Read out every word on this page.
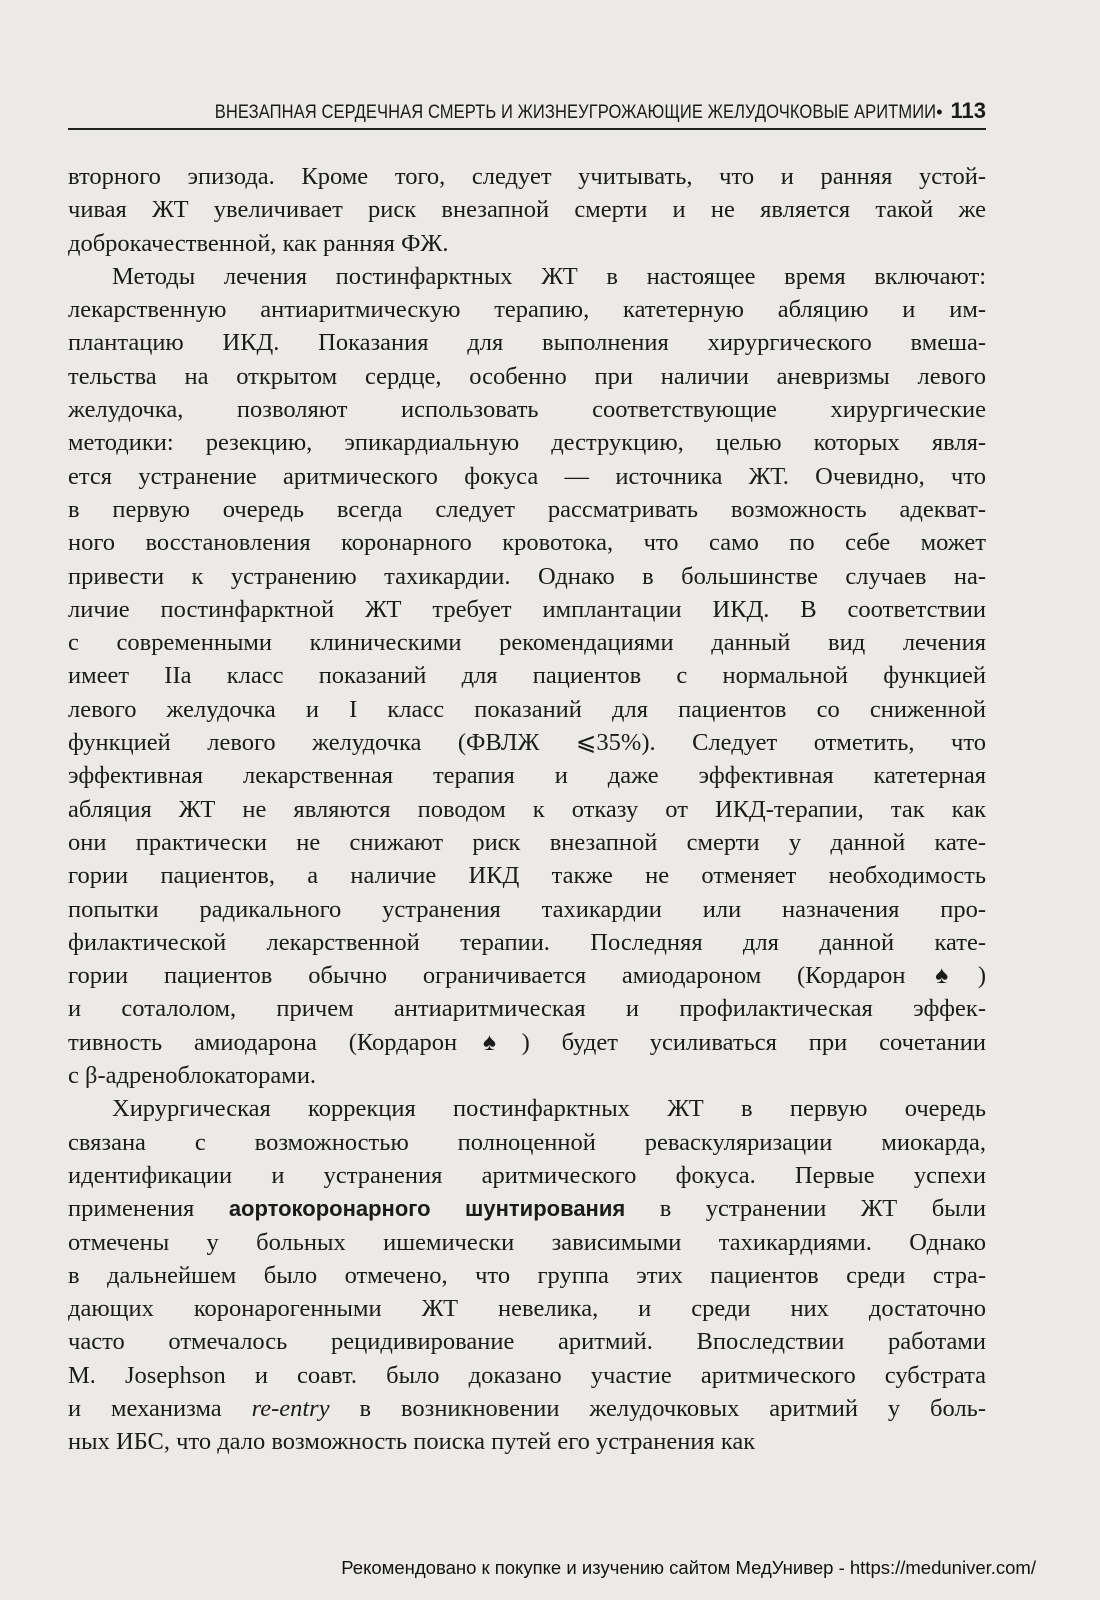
ВНЕЗАПНАЯ СЕРДЕЧНАЯ СМЕРТЬ И ЖИЗНЕУГРОЖАЮЩИЕ ЖЕЛУДОЧКОВЫЕ АРИТМИИ • 113
вторного эпизода. Кроме того, следует учитывать, что и ранняя устой-
чивая ЖТ увеличивает риск внезапной смерти и не является такой же
доброкачественной, как ранняя ФЖ.
Методы лечения постинфарктных ЖТ в настоящее время включают:
лекарственную антиаритмическую терапию, катетерную абляцию и им-
плантацию ИКД. Показания для выполнения хирургического вмеша-
тельства на открытом сердце, особенно при наличии аневризмы левого
желудочка, позволяют использовать соответствующие хирургические
методики: резекцию, эпикардиальную деструкцию, целью которых явля-
ется устранение аритмического фокуса — источника ЖТ. Очевидно, что
в первую очередь всегда следует рассматривать возможность адекват-
ного восстановления коронарного кровотока, что само по себе может
привести к устранению тахикардии. Однако в большинстве случаев на-
личие постинфарктной ЖТ требует имплантации ИКД. В соответствии
с современными клиническими рекомендациями данный вид лечения
имеет IIa класс показаний для пациентов с нормальной функцией
левого желудочка и I класс показаний для пациентов со сниженной
функцией левого желудочка (ФВЛЖ ⩽35%). Следует отметить, что
эффективная лекарственная терапия и даже эффективная катетерная
абляция ЖТ не являются поводом к отказу от ИКД-терапии, так как
они практически не снижают риск внезапной смерти у данной кате-
гории пациентов, а наличие ИКД также не отменяет необходимость
попытки радикального устранения тахикардии или назначения про-
филактической лекарственной терапии. Последняя для данной кате-
гории пациентов обычно ограничивается амиодароном (Кордарон♠)
и соталолом, причем антиаритмическая и профилактическая эффек-
тивность амиодарона (Кордарон♠) будет усиливаться при сочетании
с β-адреноблокаторами.
Хирургическая коррекция постинфарктных ЖТ в первую очередь
связана с возможностью полноценной реваскуляризации миокарда,
идентификации и устранения аритмического фокуса. Первые успехи
применения аортокоронарного шунтирования в устранении ЖТ были
отмечены у больных ишемически зависимыми тахикардиями. Однако
в дальнейшем было отмечено, что группа этих пациентов среди стра-
дающих коронарогенными ЖТ невелика, и среди них достаточно
часто отмечалось рецидивирование аритмий. Впоследствии работами
M. Josephson и соавт. было доказано участие аритмического субстрата
и механизма re-entry в возникновении желудочковых аритмий у боль-
ных ИБС, что дало возможность поиска путей его устранения как
Рекомендовано к покупке и изучению сайтом МедУнивер - https://meduniver.com/
